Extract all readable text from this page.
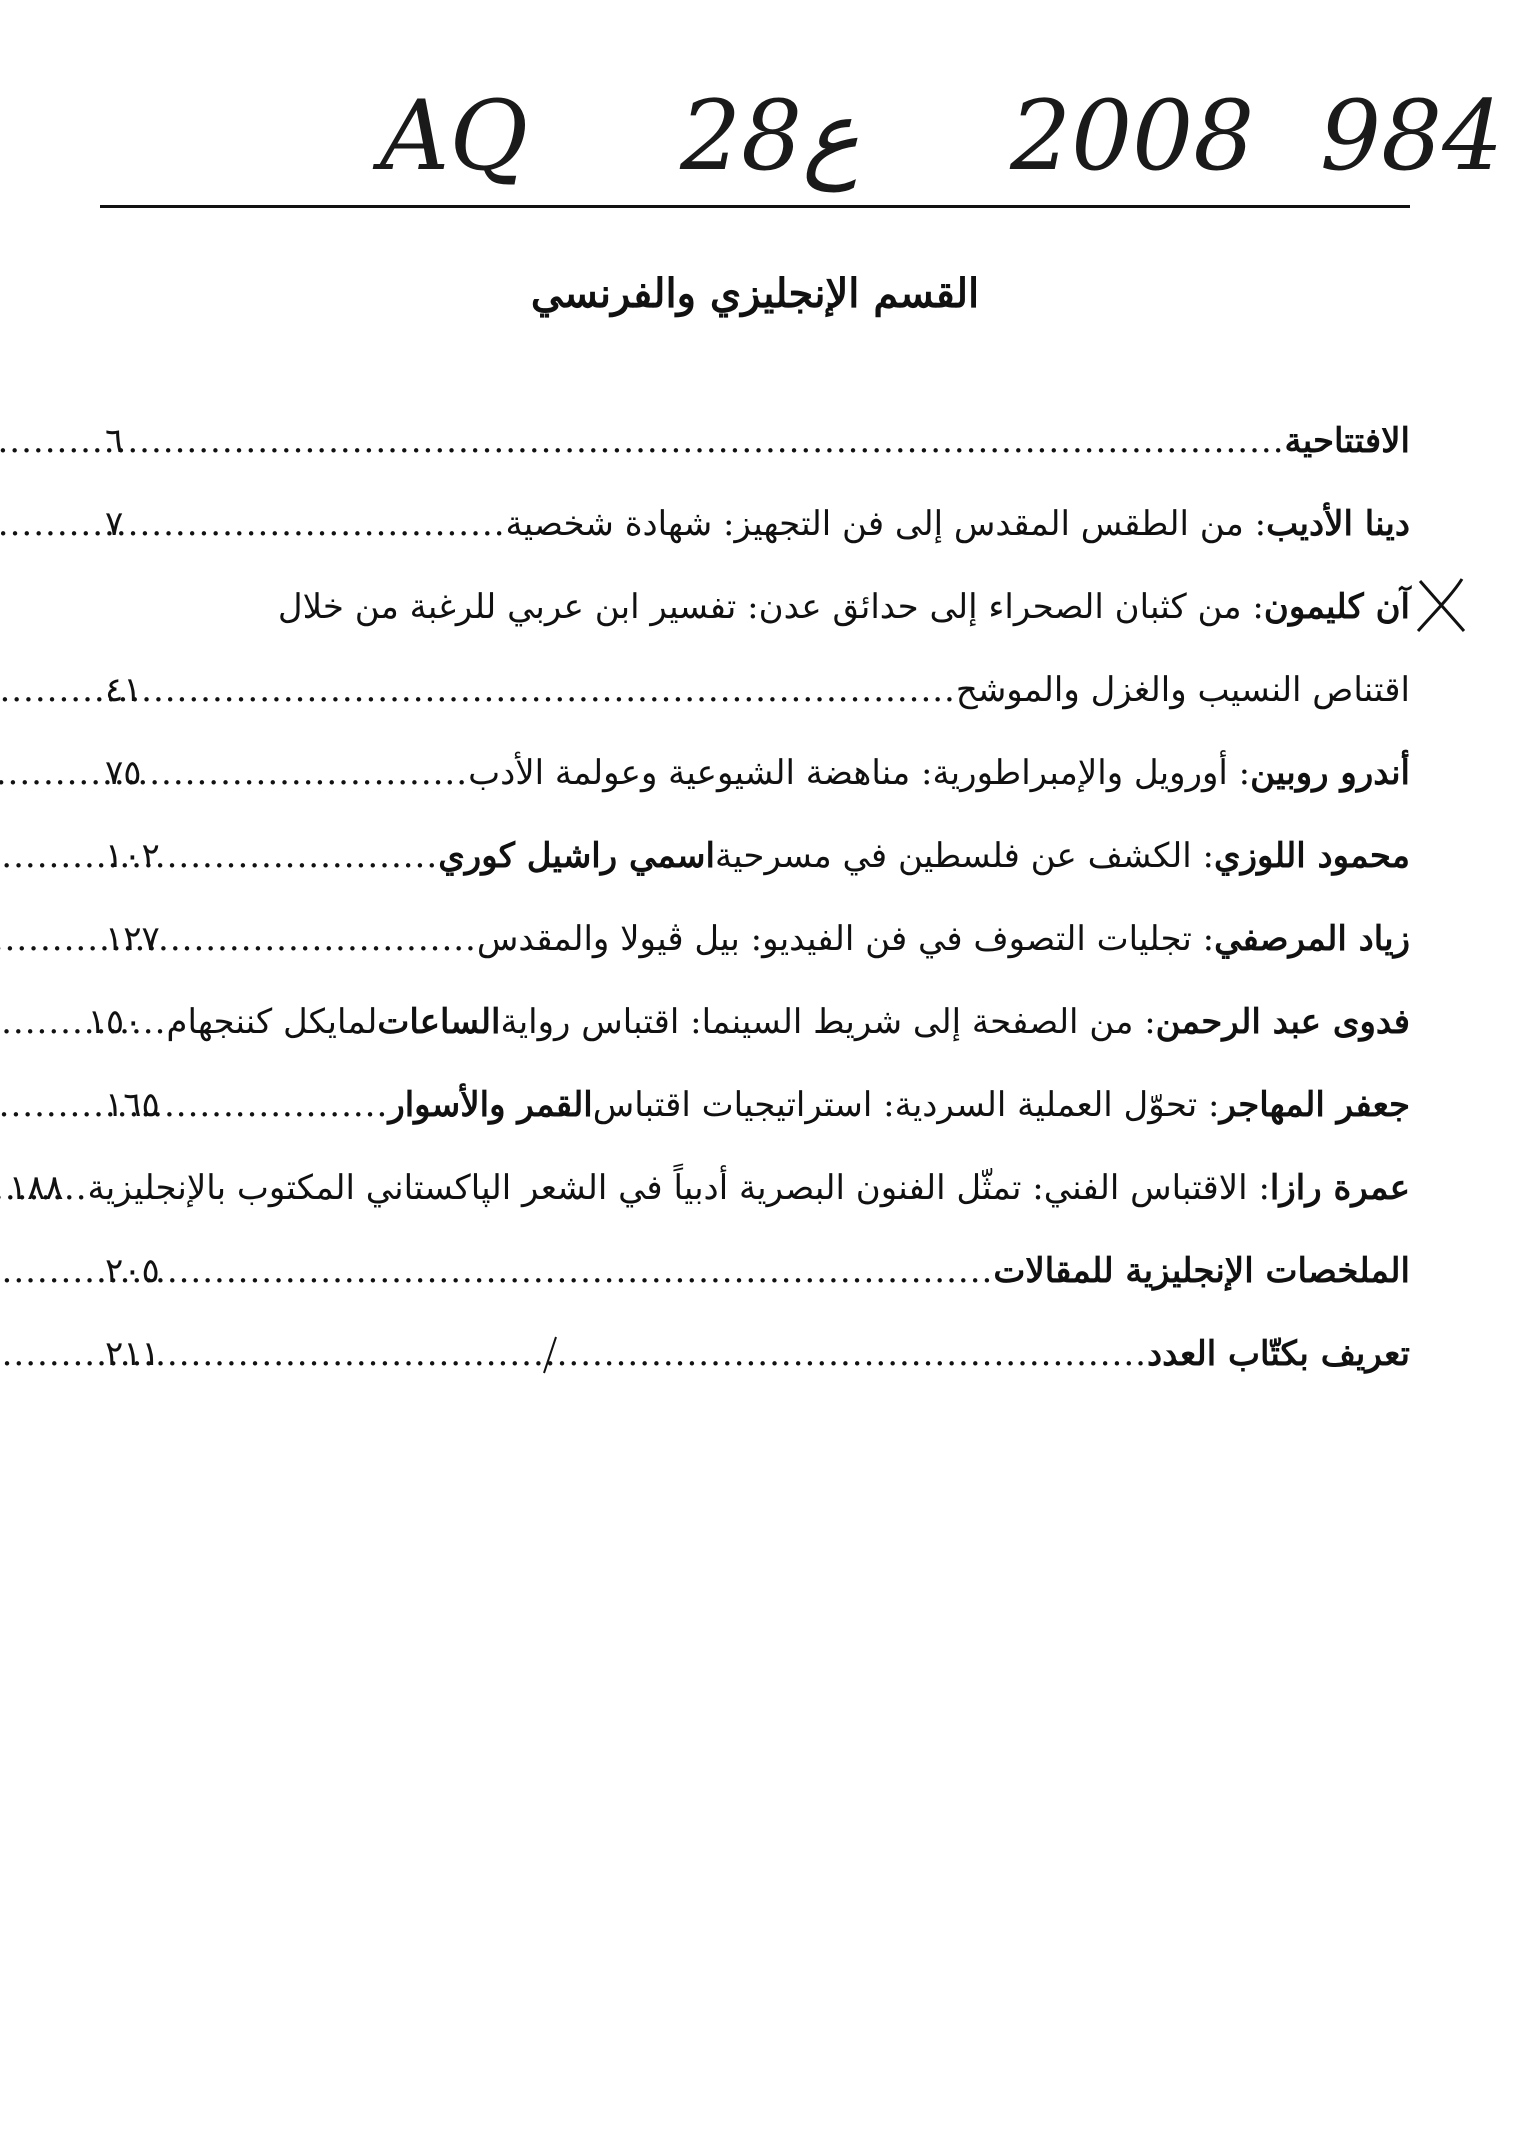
AQ 28ع 2008 984
القسم الإنجليزي والفرنسي
الافتتاحية
.....
٦
دينا الأديب
: من الطقس المقدس إلى فن التجهيز: شهادة شخصية
.....
٧
آن كليمون
: من كثبان الصحراء إلى حدائق عدن: تفسير ابن عربي للرغبة من خلال
اقتناص النسيب والغزل والموشح
.....
٤١
أندرو روبين
: أورويل والإمبراطورية: مناهضة الشيوعية وعولمة الأدب
.....
٧٥
محمود اللوزي
: الكشف عن فلسطين في مسرحية
اسمي راشيل كوري
.....
١٠٢
زياد المرصفي
: تجليات التصوف في فن الفيديو: بيل ڤيولا والمقدس
.....
١٢٧
فدوى عبد الرحمن
: من الصفحة إلى شريط السينما: اقتباس رواية
الساعات
لمايكل كننجهام
.....
١٥٠
جعفر المهاجر
: تحوّل العملية السردية: استراتيجيات اقتباس
القمر والأسوار
.....
١٦٥
عمرة رازا
: الاقتباس الفني: تمثّل الفنون البصرية أدبياً في الشعر الپاكستاني المكتوب بالإنجليزية
.....
١٨٨
الملخصات الإنجليزية للمقالات
.....
٢٠٥
تعريف بكتّاب العدد
.....
٢١١
